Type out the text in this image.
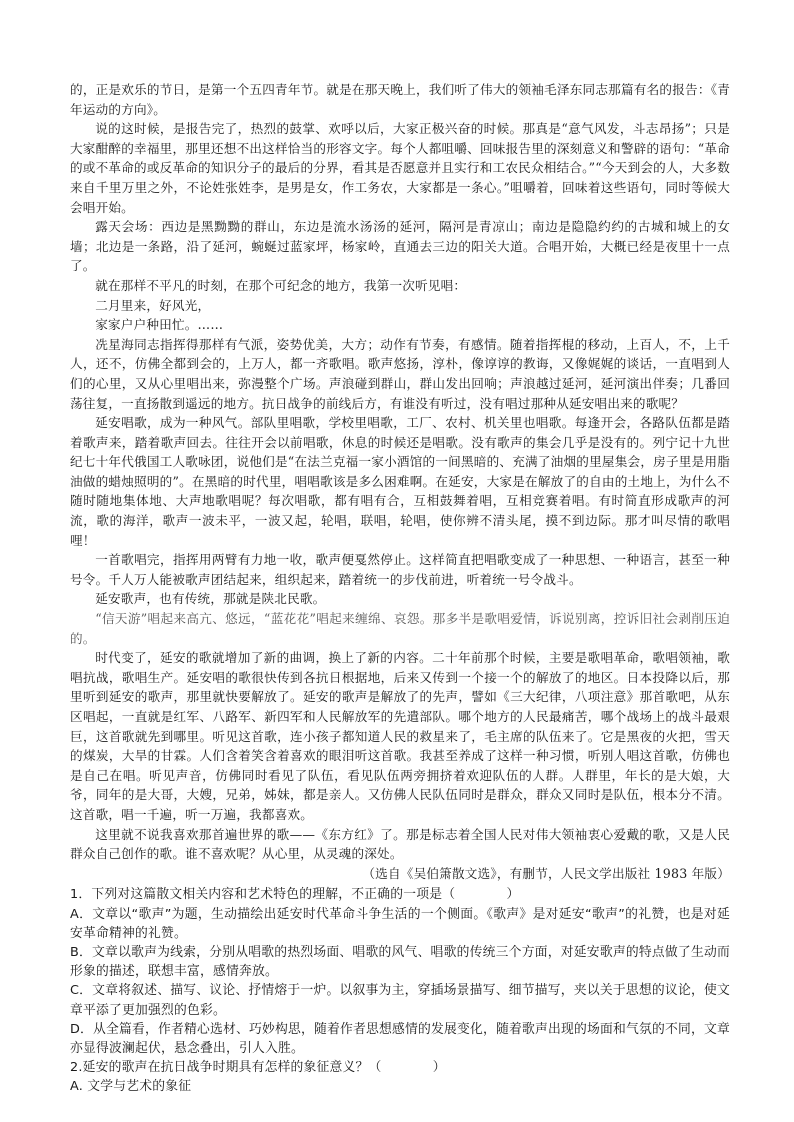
的，正是欢乐的节日，是第一个五四青年节。就是在那天晚上，我们听了伟大的领袖毛泽东同志那篇有名的报告：《青年运动的方向》。

说的这时候，是报告完了，热烈的鼓掌、欢呼以后，大家正极兴奋的时候。那真是“意气风发，斗志昂扬”；只是大家酣醉的幸福里，那里还想不出这样恰当的形容文字。每个人都咀嚼、回味报告里的深刻意义和警辟的语句：“革命的或不革命的或反革命的知识分子的最后的分界，看其是否愿意并且实行和工农民众相结合。”“今天到会的人，大多数来自千里万里之外，不论姓张姓李，是男是女，作工务农，大家都是一条心。”咀嚼着，回味着这些语句，同时等候大会唱开始。

露天会场：西边是黑黝黝的群山，东边是流水汤汤的延河，隔河是青凉山；南边是隐隐约约的古城和城上的女墙；北边是一条路，沿了延河，蜿蜒过蓝家坪，杨家岭，直通去三边的阳关大道。合唱开始，大概已经是夜里十一点了。

就在那样不平凡的时刻，在那个可纪念的地方，我第一次听见唱：

二月里来，好风光，

家家户户种田忙。……

冼星海同志指挥得那样有气派，姿势优美，大方；动作有节奏，有感情。随着指挥棍的移动，上百人，不，上千人，还不，仿佛全都到会的，上万人，都一齐歌唱。歌声悠扬，淳朴，像谆谆的教诲，又像娓娓的谈话，一直唱到人们的心里，又从心里唱出来，弥漫整个广场。声浪碰到群山，群山发出回响；声浪越过延河，延河演出伴奏；几番回荡往复，一直扬散到遥远的地方。抗日战争的前线后方，有谁没有听过，没有唱过那种从延安唱出来的歌呢？

延安唱歌，成为一种风气。部队里唱歌，学校里唱歌，工厂、农村、机关里也唱歌。每逢开会，各路队伍都是踏着歌声来，踏着歌声回去。往往开会以前唱歌，休息的时候还是唱歌。没有歌声的集会几乎是没有的。列宁记十九世纪七十年代俄国工人歌咏团，说他们是“在法兰克福一家小酒馆的一间黑暗的、充满了油烟的里屋集会，房子里是用脂油做的蜡烛照明的”。在黑暗的时代里，唱唱歌该是多么困难啊。在延安，大家是在解放了的自由的土地上，为什么不随时随地集体地、大声地歌唱呢？每次唱歌，都有唱有合，互相鼓舞着唱，互相竞赛着唱。有时简直形成歌声的河流，歌的海洋，歌声一波未平，一波又起，轮唱，联唱，轮唱，使你辨不清头尾，摸不到边际。那才叫尽情的歌唱哩！

一首歌唱完，指挥用两臂有力地一收，歌声便戛然停止。这样简直把唱歌变成了一种思想、一种语言，甚至一种号令。千人万人能被歌声团结起来，组织起来，踏着统一的步伐前进，听着统一号令战斗。

延安歌声，也有传统，那就是陕北民歌。

“信天游”唱起来高亢、悠远，“蓝花花”唱起来缠绵、哀怨。那多半是歌唱爱情，诉说别离，控诉旧社会剥削压迫的。

时代变了，延安的歌就增加了新的曲调，换上了新的内容。二十年前那个时候，主要是歌唱革命，歌唱领袖，歌唱抗战，歌唱生产。延安唱的歌很快传到各抗日根据地，后来又传到一个接一个的解放了的地区。日本投降以后，那里听到延安的歌声，那里就快要解放了。延安的歌声是解放了的先声，譬如《三大纪律，八项注意》那首歌吧，从东区唱起，一直就是红军、八路军、新四军和人民解放军的先遣部队。哪个地方的人民最痛苦，哪个战场上的战斗最艰巨，这首歌就先到哪里。听见这首歌，连小孩子都知道人民的救星来了，毛主席的队伍来了。它是黑夜的火把，雪天的煤炭，大旱的甘霖。人们含着笑含着喜欢的眼泪听这首歌。我甚至养成了这样一种习惯，听别人唱这首歌，仿佛也是自己在唱。听见声音，仿佛同时看见了队伍，看见队伍两旁拥挤着欢迎队伍的人群。人群里，年长的是大娘，大爷，同年的是大哥，大嫂，兄弟，姊妹，都是亲人。又仿佛人民队伍同时是群众，群众又同时是队伍，根本分不清。这首歌，唱一千遍，听一万遍，我都喜欢。

这里就不说我喜欢那首遍世界的歌——《东方红》了。那是标志着全国人民对伟大领袖衷心爱戴的歌，又是人民群众自己创作的歌。谁不喜欢呢？从心里，从灵魂的深处。

（选自《吴伯箫散文选》，有删节，人民文学出版社 1983 年版）

1．下列对这篇散文相关内容和艺术特色的理解，不正确的一项是（	）

A．文章以“歌声”为题，生动描绘出延安时代革命斗争生活的一个侧面。《歌声》是对延安“歌声”的礼赞，也是对延安革命精神的礼赞。

B．文章以歌声为线索，分别从唱歌的热烈场面、唱歌的风气、唱歌的传统三个方面，对延安歌声的特点做了生动而形象的描述，联想丰富，感情奔放。

C．文章将叙述、描写、议论、抒情熔于一炉。以叙事为主，穿插场景描写、细节描写，夹以关于思想的议论，使文章平添了更加强烈的色彩。

D．从全篇看，作者精心选材、巧妙构思，随着作者思想感情的发展变化，随着歌声出现的场面和气氛的不同，文章亦显得波澜起伏，悬念叠出，引人入胜。

2.延安的歌声在抗日战争时期具有怎样的象征意义？（	）

A. 文学与艺术的象征
